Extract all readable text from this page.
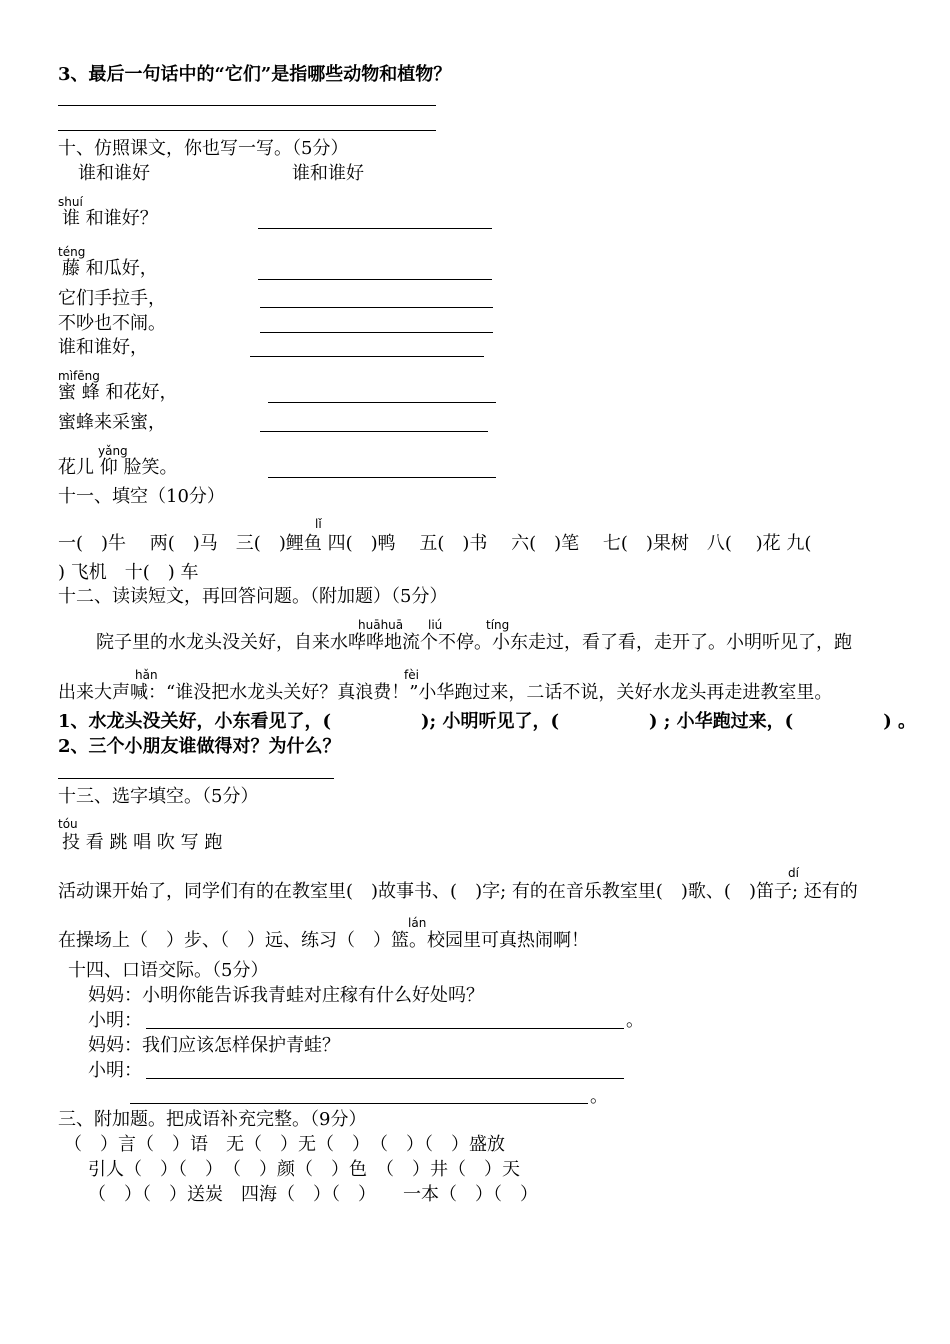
3、最后一句话中的“它们”是指哪些动物和植物？
十、仿照课文，你也写一写。（5分）
谁和谁好	谁和谁好
shuí
谁 和谁好？
téng
藤 和瓜好，
它们手拉手，
不吵也不闹。
谁和谁好，
mìfēng
蜜 蜂 和花好，
蜜蜂来采蜜，
yǎng
花儿 仰 脸笑。
十一、填空（10分）
lǐ
一(　)牛　 两(　)马　三(　)鲤鱼 四(　)鸭　 五(　)书　 六(　)笔　 七(　)果树　八(　 )花 九(
) 飞机　十(　) 车
十二、读读短文，再回答问题。（附加题）（5分）
huāhuā liú	tíng
院子里的水龙头没关好，自来水哗哗地流个不停。小东走过，看了看，走开了。小明听见了，跑
hǎn	fèi
出来大声喊：“谁没把水龙头关好？真浪费！”小华跑过来，二话不说，关好水龙头再走进教室里。
1、水龙头没关好，小东看见了，(　　　　　); 小明听见了，(　　　　　) ; 小华跑过来，(　　　　　) 。
2、三个小朋友谁做得对？为什么？
十三、选字填空。（5分）
tóu
投 看 跳 唱 吹 写 跑
dí
活动课开始了，同学们有的在教室里(　)故事书、(　)字; 有的在音乐教室里(　)歌、(　)笛子; 还有的
lán
在操场上（　）步、（　）远、练习（　）篮。校园里可真热闹啊！
十四、口语交际。（5分）
妈妈：小明你能告诉我青蛙对庄稼有什么好处吗？
小明：	。
妈妈：我们应该怎样保护青蛙？
小明：
。
三、附加题。把成语补充完整。（9分）
（　）言（　）语　无（　）无（　）　（　）（　）盛放
引人（　）（　）　（　）颜（　）色　（　）井（　）天
（　）（　）送炭　四海（　）（　）　　一本（　）（　）
